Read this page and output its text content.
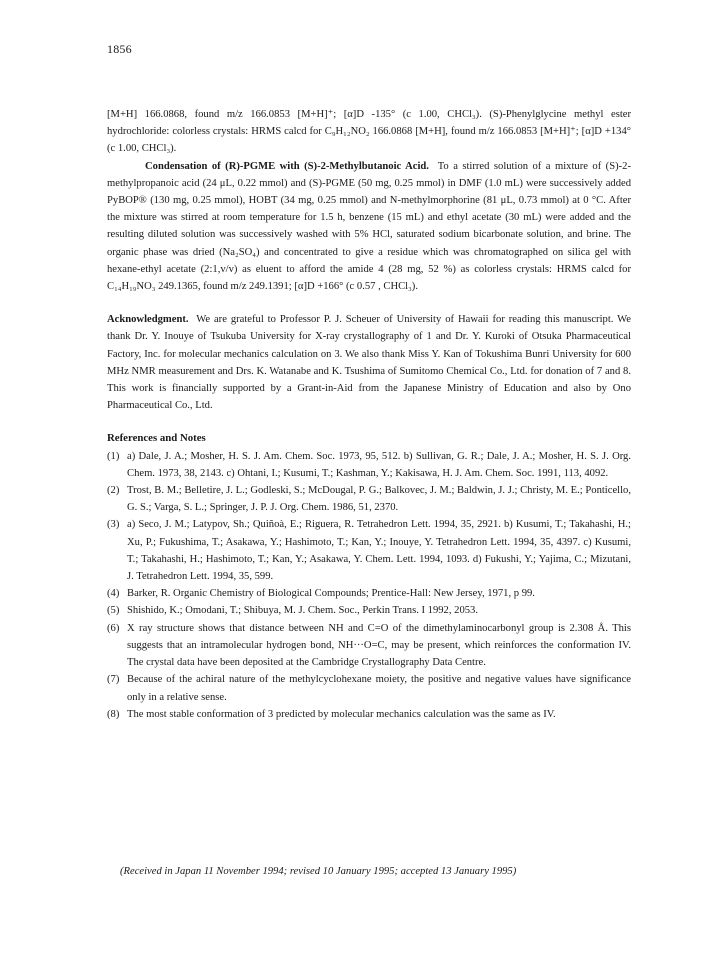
1856

[M+H] 166.0868, found m/z 166.0853 [M+H]⁺; [α]D -135° (c 1.00, CHCl₃). (S)-Phenylglycine methyl ester hydrochloride: colorless crystals: HRMS calcd for C₉H₁₂NO₂ 166.0868 [M+H], found m/z 166.0853 [M+H]⁺; [α]D +134° (c 1.00, CHCl₃).

Condensation of (R)-PGME with (S)-2-Methylbutanoic Acid. To a stirred solution of a mixture of (S)-2-methylpropanoic acid (24 μL, 0.22 mmol) and (S)-PGME (50 mg, 0.25 mmol) in DMF (1.0 mL) were successively added PyBOP® (130 mg, 0.25 mmol), HOBT (34 mg, 0.25 mmol) and N-methylmorphorine (81 μL, 0.73 mmol) at 0 °C. After the mixture was stirred at room temperature for 1.5 h, benzene (15 mL) and ethyl acetate (30 mL) were added and the resulting diluted solution was successively washed with 5% HCl, saturated sodium bicarbonate solution, and brine. The organic phase was dried (Na₂SO₄) and concentrated to give a residue which was chromatographed on silica gel with hexane-ethyl acetate (2:1,v/v) as eluent to afford the amide 4 (28 mg, 52 %) as colorless crystals: HRMS calcd for C₁₄H₁₉NO₃ 249.1365, found m/z 249.1391; [α]D +166° (c 0.57 , CHCl₃).

Acknowledgment. We are grateful to Professor P. J. Scheuer of University of Hawaii for reading this manuscript. We thank Dr. Y. Inouye of Tsukuba University for X-ray crystallography of 1 and Dr. Y. Kuroki of Otsuka Pharmaceutical Factory, Inc. for molecular mechanics calculation on 3. We also thank Miss Y. Kan of Tokushima Bunri University for 600 MHz NMR measurement and Drs. K. Watanabe and K. Tsushima of Sumitomo Chemical Co., Ltd. for donation of 7 and 8. This work is financially supported by a Grant-in-Aid from the Japanese Ministry of Education and also by Ono Pharmaceutical Co., Ltd.

References and Notes

(1) a) Dale, J. A.; Mosher, H. S. J. Am. Chem. Soc. 1973, 95, 512. b) Sullivan, G. R.; Dale, J. A.; Mosher, H. S. J. Org. Chem. 1973, 38, 2143. c) Ohtani, I.; Kusumi, T.; Kashman, Y.; Kakisawa, H. J. Am. Chem. Soc. 1991, 113, 4092.
(2) Trost, B. M.; Belletire, J. L.; Godleski, S.; McDougal, P. G.; Balkovec, J. M.; Baldwin, J. J.; Christy, M. E.; Ponticello, G. S.; Varga, S. L.; Springer, J. P. J. Org. Chem. 1986, 51, 2370.
(3) a) Seco, J. M.; Latypov, Sh.; Quiñoà, E.; Riguera, R. Tetrahedron Lett. 1994, 35, 2921. b) Kusumi, T.; Takahashi, H.; Xu, P.; Fukushima, T.; Asakawa, Y.; Hashimoto, T.; Kan, Y.; Inouye, Y. Tetrahedron Lett. 1994, 35, 4397. c) Kusumi, T.; Takahashi, H.; Hashimoto, T.; Kan, Y.; Asakawa, Y. Chem. Lett. 1994, 1093. d) Fukushi, Y.; Yajima, C.; Mizutani, J. Tetrahedron Lett. 1994, 35, 599.
(4) Barker, R. Organic Chemistry of Biological Compounds; Prentice-Hall: New Jersey, 1971, p 99.
(5) Shishido, K.; Omodani, T.; Shibuya, M. J. Chem. Soc., Perkin Trans. I 1992, 2053.
(6) X ray structure shows that distance between NH and C=O of the dimethylaminocarbonyl group is 2.308 Å. This suggests that an intramolecular hydrogen bond, NH···O=C, may be present, which reinforces the conformation IV. The crystal data have been deposited at the Cambridge Crystallography Data Centre.
(7) Because of the achiral nature of the methylcyclohexane moiety, the positive and negative values have significance only in a relative sense.
(8) The most stable conformation of 3 predicted by molecular mechanics calculation was the same as IV.
(Received in Japan 11 November 1994; revised 10 January 1995; accepted 13 January 1995)
